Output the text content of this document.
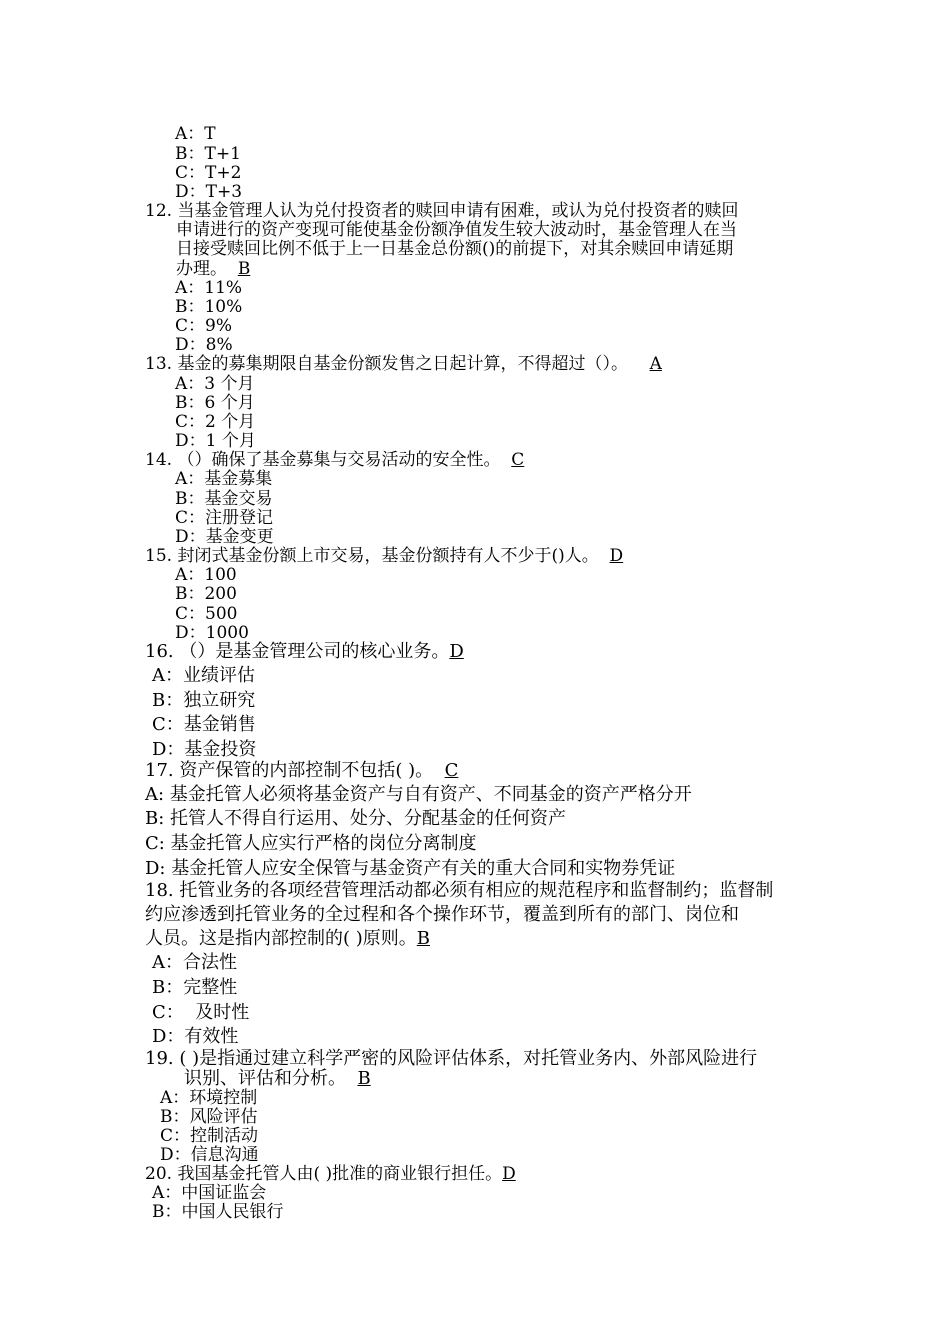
A：T
B：T+1
C：T+2
D：T+3
12. 当基金管理人认为兑付投资者的赎回申请有困难，或认为兑付投资者的赎回
申请进行的资产变现可能使基金份额净值发生较大波动时，基金管理人在当
日接受赎回比例不低于上一日基金总份额()的前提下，对其余赎回申请延期
办理。 B
A：11%
B：10%
C：9%
D：8%
13. 基金的募集期限自基金份额发售之日起计算，不得超过（）。 A
A：3 个月
B：6 个月
C：2 个月
D：1 个月
14. （）确保了基金募集与交易活动的安全性。 C
A：基金募集
B：基金交易
C：注册登记
D：基金变更
15. 封闭式基金份额上市交易，基金份额持有人不少于()人。 D
A：100
B：200
C：500
D：1000
16. （）是基金管理公司的核心业务。D
A：业绩评估
B：独立研究
C：基金销售
D：基金投资
17. 资产保管的内部控制不包括( )。 C
A: 基金托管人必须将基金资产与自有资产、不同基金的资产严格分开
B: 托管人不得自行运用、处分、分配基金的任何资产
C: 基金托管人应实行严格的岗位分离制度
D: 基金托管人应安全保管与基金资产有关的重大合同和实物券凭证
18. 托管业务的各项经营管理活动都必须有相应的规范程序和监督制约；监督制
约应渗透到托管业务的全过程和各个操作环节，覆盖到所有的部门、岗位和
人员。这是指内部控制的( )原则。B
A：合法性
B：完整性
C：  及时性
D：有效性
19. ( )是指通过建立科学严密的风险评估体系，对托管业务内、外部风险进行
识别、评估和分析。 B
A：环境控制
B：风险评估
C：控制活动
D：信息沟通
20. 我国基金托管人由( )批准的商业银行担任。D
A：中国证监会
B：中国人民银行
